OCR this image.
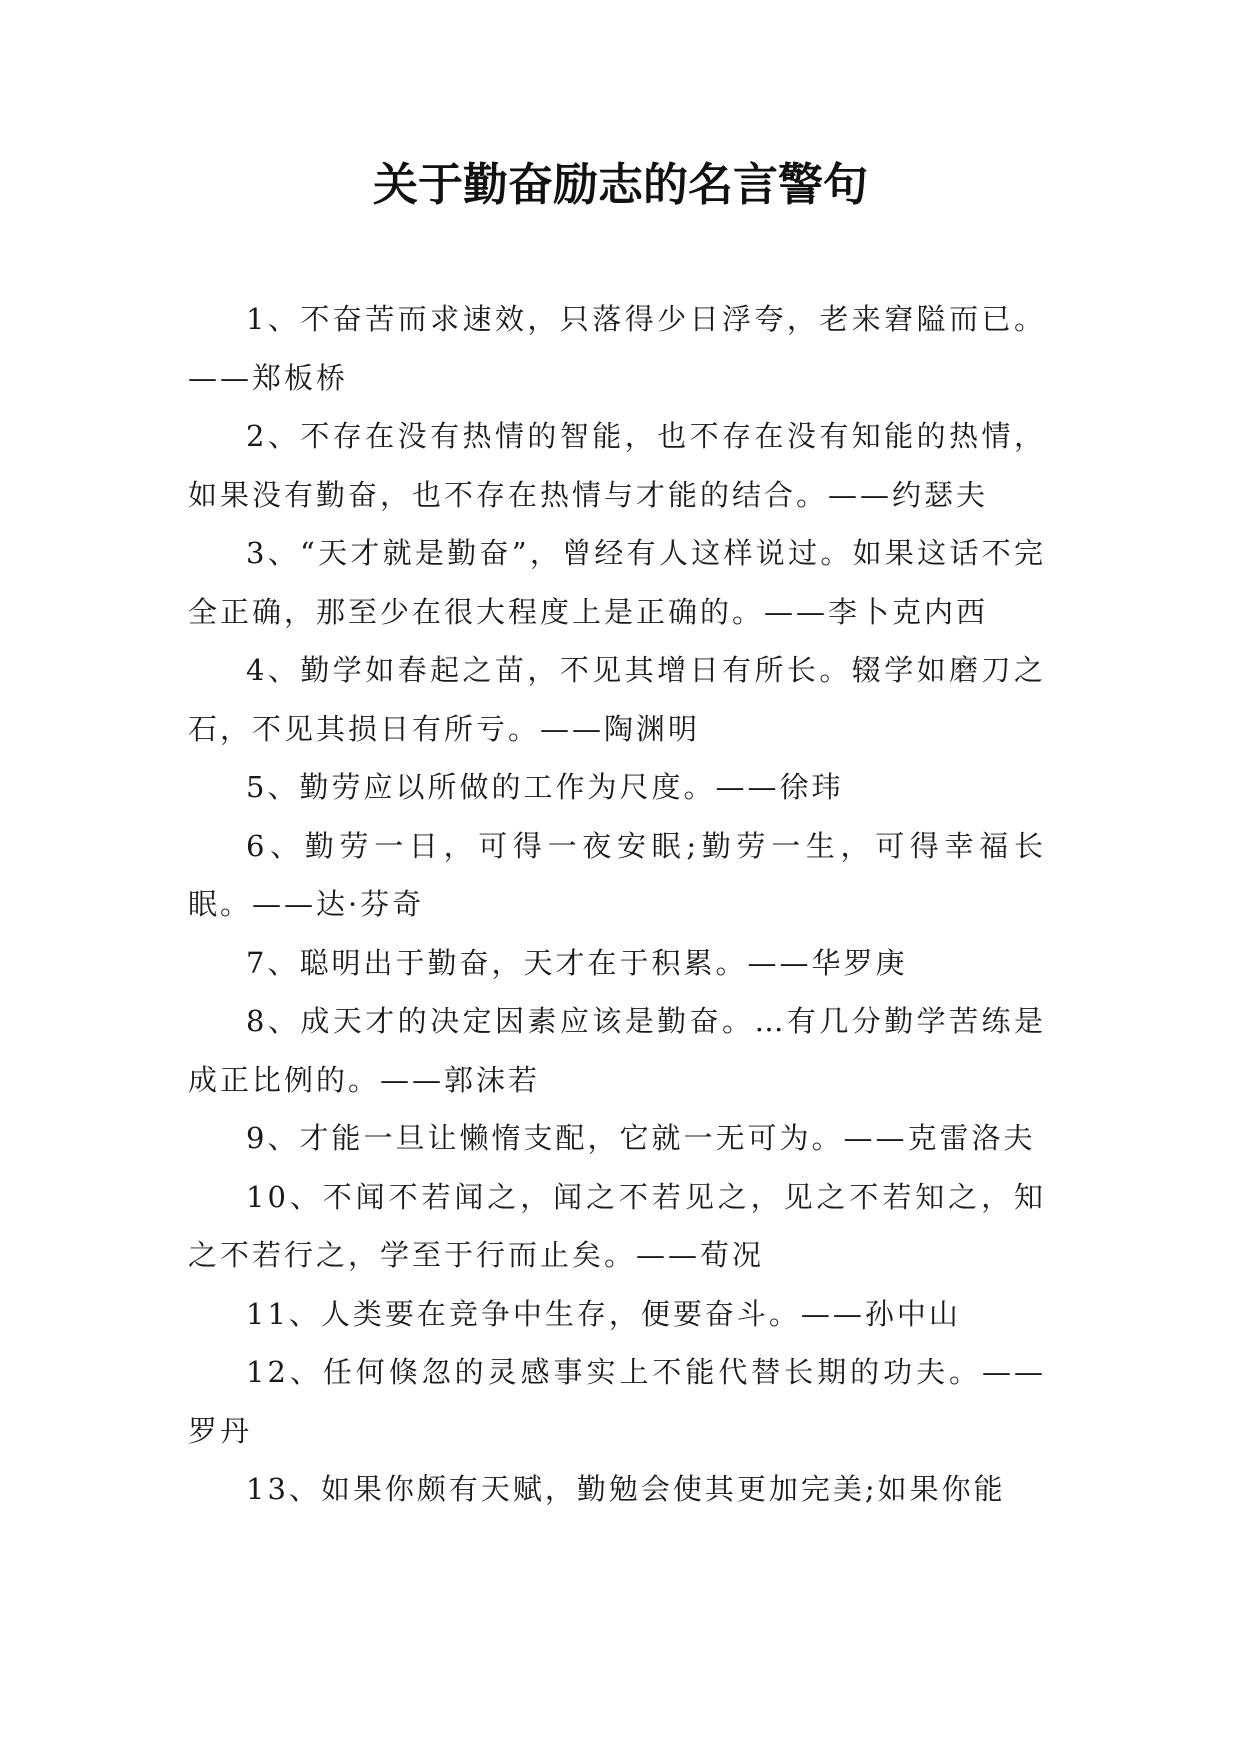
关于勤奋励志的名言警句

1、不奋苦而求速效，只落得少日浮夸，老来窘隘而已。——郑板桥

2、不存在没有热情的智能，也不存在没有知能的热情，如果没有勤奋，也不存在热情与才能的结合。——约瑟夫

3、“天才就是勤奋”，曾经有人这样说过。如果这话不完全正确，那至少在很大程度上是正确的。——李卜克内西

4、勤学如春起之苗，不见其增日有所长。辍学如磨刀之石，不见其损日有所亏。——陶渊明

5、勤劳应以所做的工作为尺度。——徐玮

6、勤劳一日，可得一夜安眠;勤劳一生，可得幸福长眠。——达·芬奇

7、聪明出于勤奋，天才在于积累。——华罗庚

8、成天才的决定因素应该是勤奋。…有几分勤学苦练是成正比例的。——郭沫若

9、才能一旦让懒惰支配，它就一无可为。——克雷洛夫

10、不闻不若闻之，闻之不若见之，见之不若知之，知之不若行之，学至于行而止矣。——荀况

11、人类要在竞争中生存，便要奋斗。——孙中山

12、任何倏忽的灵感事实上不能代替长期的功夫。——罗丹

13、如果你颇有天赋，勤勉会使其更加完美;如果你能
